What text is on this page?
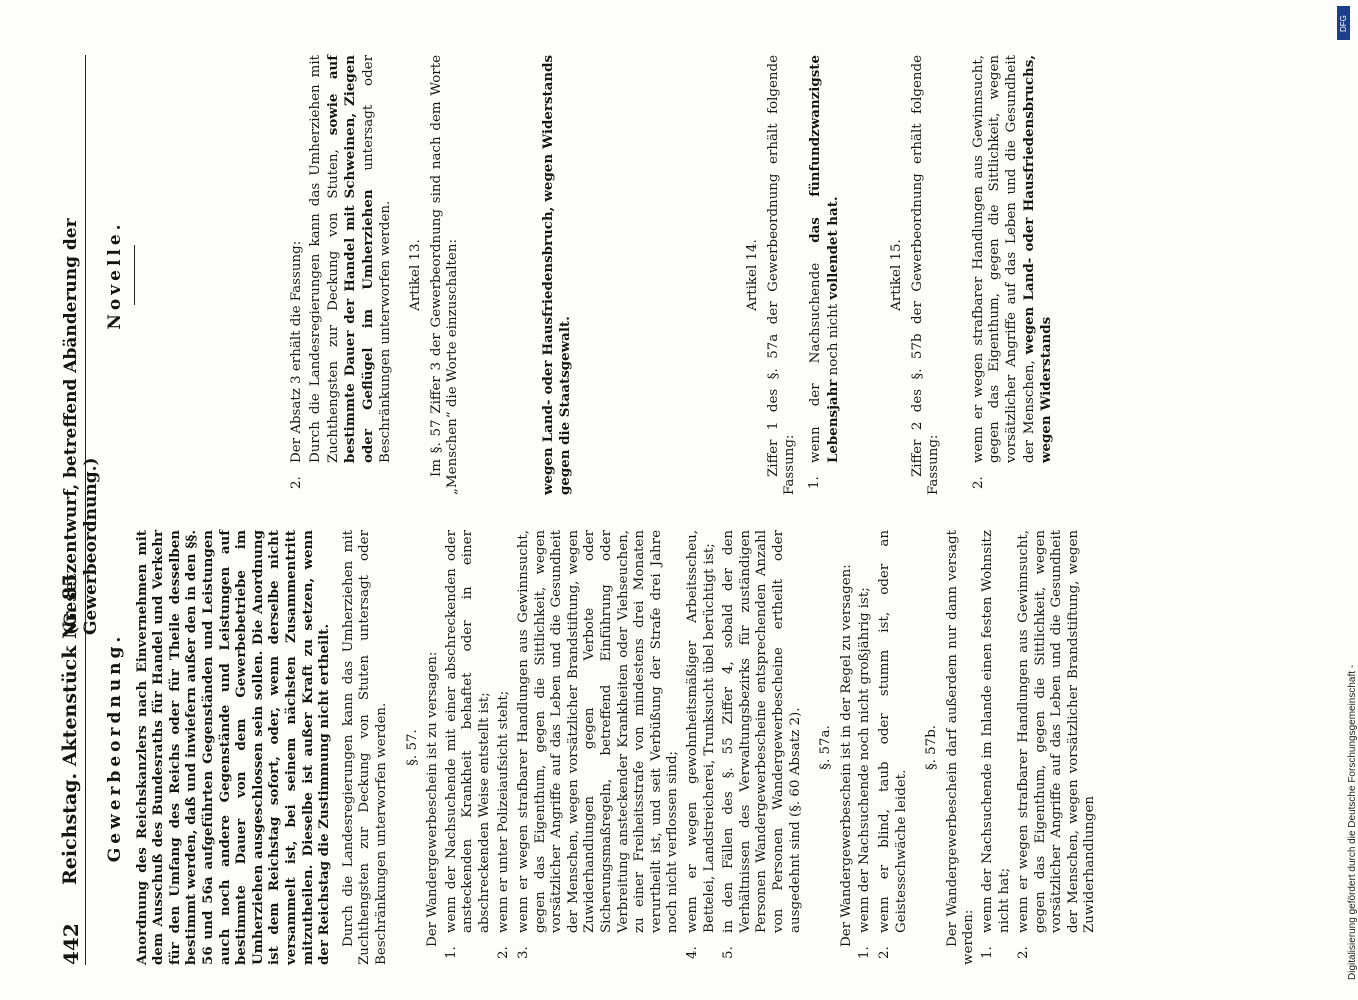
442
Reichstag. Aktenstück Nr. 85.
(Gesetzentwurf, betreffend Abänderung der Gewerbeordnung.)
Gewerbeordnung. Anordnung des Reichskanzlers nach Einvernehmen mit dem Ausschuß des Bundesraths für Handel und Verkehr für den Umfang des Reichs oder für Theile desselben bestimmt werden, daß und inwiefern außer den in den §§. 56 und 56a aufgeführten Gegenständen und Leistungen auch noch andere Gegenstände und Leistungen auf bestimmte Dauer von dem Gewerbebetriebe im Umherziehen ausgeschlossen sein sollen. Die Anordnung ist dem Reichstag sofort, oder, wenn derselbe nicht versammelt ist, bei seinem nächsten Zusammentritt mitzutheilen. Dieselbe ist außer Kraft zu setzen, wenn der Reichstag die Zustimmung nicht ertheilt. Durch die Landesregierungen kann das Umherziehen mit Zuchthengsten zur Deckung von Stuten untersagt oder Beschränkungen unterworfen werden. §. 57. Der Wandergewerbeschein ist zu versagen:

1.
wenn der Nachsuchende mit einer abschreckenden oder ansteckenden Krankheit behaftet oder in einer abschreckenden Weise entstellt ist;
2.
wenn er unter Polizeiaufsicht steht;
3.
wenn er wegen strafbarer Handlungen aus Gewinnsucht, gegen das Eigenthum, gegen die Sittlichkeit, wegen vorsätzlicher Angriffe auf das Leben und die Gesundheit der Menschen, wegen vorsätzlicher Brandstiftung, wegen Zuwiderhandlungen gegen Verbote oder Sicherungsmaßregeln, betreffend Einführung oder Verbreitung ansteckender Krankheiten oder Viehseuchen, zu einer Freiheitsstrafe von mindestens drei Monaten verurtheilt ist, und seit Verbüßung der Strafe drei Jahre noch nicht verflossen sind;
4.
wenn er wegen gewohnheitsmäßiger Arbeitsscheu, Bettelei, Landstreicherei, Trunksucht übel berüchtigt ist;
5.
in den Fällen des §. 55 Ziffer 4, sobald der den Verhältnissen des Verwaltungsbezirks für zuständigen Personen Wandergewerbescheine entsprechenden Anzahl von Personen Wandergewerbescheine ertheilt oder ausgedehnt sind (§. 60 Absatz 2). §. 57a. Der Wandergewerbeschein ist in der Regel zu versagen:

1.
wenn der Nachsuchende noch nicht großjährig ist;
2.
wenn er blind, taub oder stumm ist, oder an Geistesschwäche leidet.
§. 57b. Der Wandergewerbeschein darf außerdem nur dann versagt werden: 1.
wenn der Nachsuchende im Inlande einen festen Wohnsitz nicht hat;
2.
wenn er wegen strafbarer Handlungen aus Gewinnsucht, gegen das Eigenthum, gegen die Sittlichkeit, wegen vorsätzlicher Angriffe auf das Leben und die Gesundheit der Menschen, wegen vorsätzlicher Brandstiftung, wegen Zuwiderhandlungen
Novelle.
2.
Der Absatz 3 erhält die Fassung: Durch die Landesregierungen kann das Umherziehen mit Zuchthengsten zur Deckung von Stuten, sowie auf bestimmte Dauer der Handel mit Schweinen, Ziegen oder Geflügel im Umherziehen untersagt oder Beschränkungen unterworfen werden. Artikel 13. Im §. 57 Ziffer 3 der Gewerbeordnung sind nach dem Worte „Menschen“ die Worte einzuschalten:	wegen Land- oder Hausfriedensbruch, wegen Widerstands gegen die Staatsgewalt.

Artikel 14. Ziffer 1 des §. 57a der Gewerbeordnung erhält folgende Fassung: 1.
wenn der Nachsuchende das fünfundzwanzigste Lebensjahr noch nicht vollendet hat.	Artikel 15. Ziffer 2 des §. 57b der Gewerbeordnung erhält folgende Fassung: 2.
wenn er wegen strafbarer Handlungen aus Gewinnsucht, gegen das Eigenthum, gegen die Sittlichkeit, wegen vorsätzlicher Angriffe auf das Leben und die Gesundheit der Menschen, wegen Land- oder Hausfriedensbruchs, wegen Widerstands
Digitalisierung gefördert durch die Deutsche Forschungsgemeinschaft -
DFG
